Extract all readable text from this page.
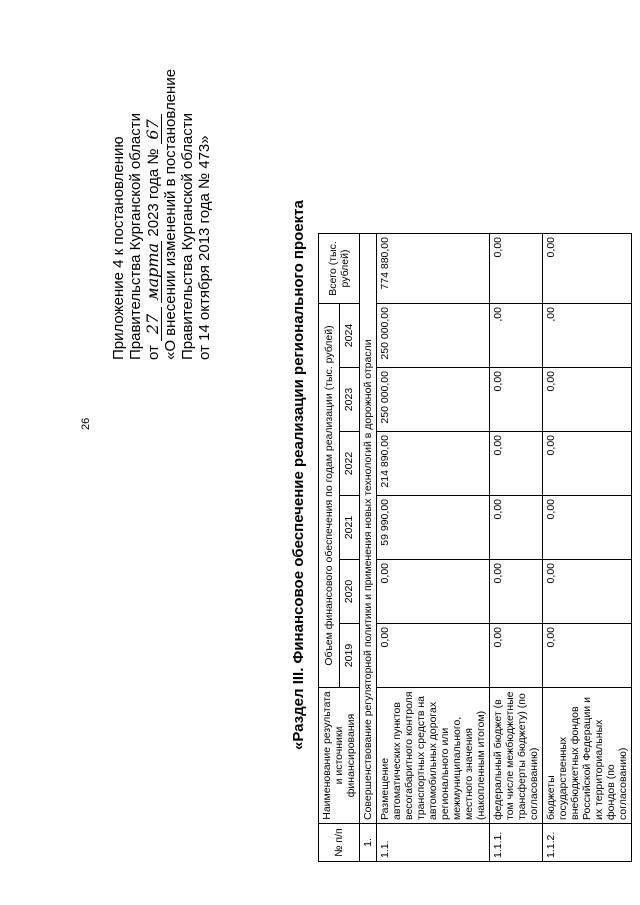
26
Приложение 4 к постановлению Правительства Курганской области от 27 марта 2023 года № 67 «О внесении изменений в постановление Правительства Курганской области от 14 октября 2013 года № 473»	«Раздел III. Финансовое обеспечение реализации регионального проекта
№ п/п	Наименование результата и источники финансирования	Объем финансового обеспечения по годам реализации (тыс. рублей)						Всего (тыс. рублей)
		2019	2020	2021	2022	2023	2024	
1.	Совершенствование регуляторной политики и применения новых технологий в дорожной отрасли							
1.1.	Размещение автоматических пунктов весогабаритного контроля транспортных средств на автомобильных дорогах регионального или межмуниципального, местного значения (накопленным итогом)	0,00	0,00	59 990,00	214 890,00	250 000,00	250 000,00	774 880,00
1.1.1.	федеральный бюджет (в том числе межбюджетные трансферты бюджету) (по согласованию)	0,00	0,00	0,00	0,00	0,00	,00	0,00
1.1.2.	бюджеты государственных внебюджетных фондов Российской Федерации и их территориальных фондов (по согласованию)	0,00	0,00	0,00	0,00	0,00	,00	0,00
